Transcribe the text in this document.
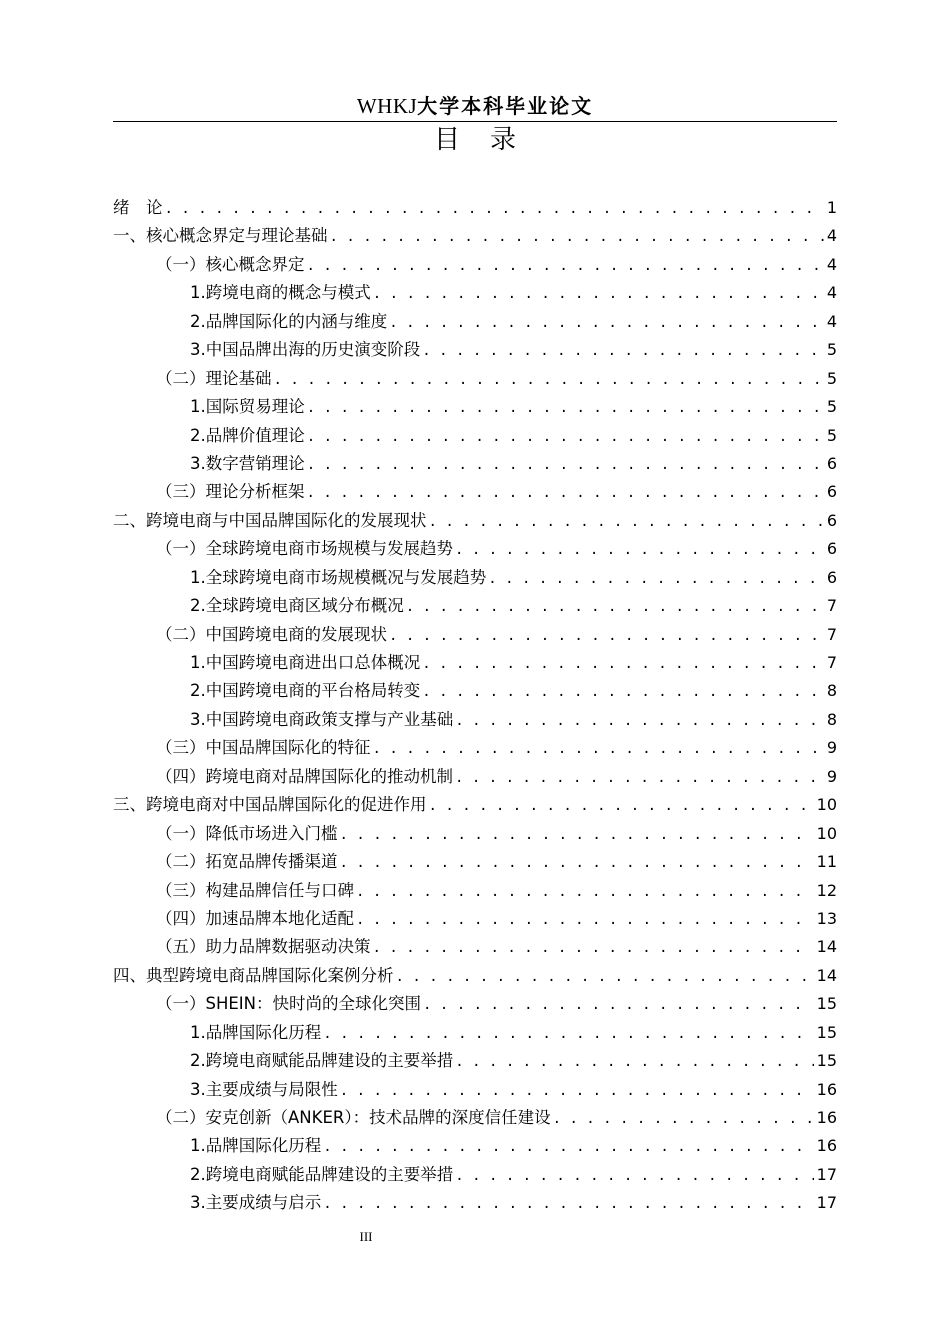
WHKJ大学本科毕业论文
目 录
绪　论 . . .	1
一、核心概念界定与理论基础 . . .	4
（一）核心概念界定 . . .	4
1.跨境电商的概念与模式 . . .	4
2.品牌国际化的内涵与维度 . . .	4
3.中国品牌出海的历史演变阶段 . . .	5
（二）理论基础 . . .	5
1.国际贸易理论 . . .	5
2.品牌价值理论 . . .	5
3.数字营销理论 . . .	6
（三）理论分析框架 . . .	6
二、跨境电商与中国品牌国际化的发展现状 . . .	6
（一）全球跨境电商市场规模与发展趋势 . . .	6
1.全球跨境电商市场规模概况与发展趋势 . . .	6
2.全球跨境电商区域分布概况 . . .	7
（二）中国跨境电商的发展现状 . . .	7
1.中国跨境电商进出口总体概况 . . .	7
2.中国跨境电商的平台格局转变 . . .	8
3.中国跨境电商政策支撑与产业基础 . . .	8
（三）中国品牌国际化的特征 . . .	9
（四）跨境电商对品牌国际化的推动机制 . . .	9
三、跨境电商对中国品牌国际化的促进作用 . . .	10
（一）降低市场进入门槛 . . .	10
（二）拓宽品牌传播渠道 . . .	11
（三）构建品牌信任与口碑 . . .	12
（四）加速品牌本地化适配 . . .	13
（五）助力品牌数据驱动决策 . . .	14
四、典型跨境电商品牌国际化案例分析 . . .	14
（一）SHEIN：快时尚的全球化突围 . . .	15
1.品牌国际化历程 . . .	15
2.跨境电商赋能品牌建设的主要举措 . . .	15
3.主要成绩与局限性 . . .	16
（二）安克创新（ANKER）：技术品牌的深度信任建设 . . .	16
1.品牌国际化历程 . . .	16
2.跨境电商赋能品牌建设的主要举措 . . .	17
3.主要成绩与启示 . . .	17
III
